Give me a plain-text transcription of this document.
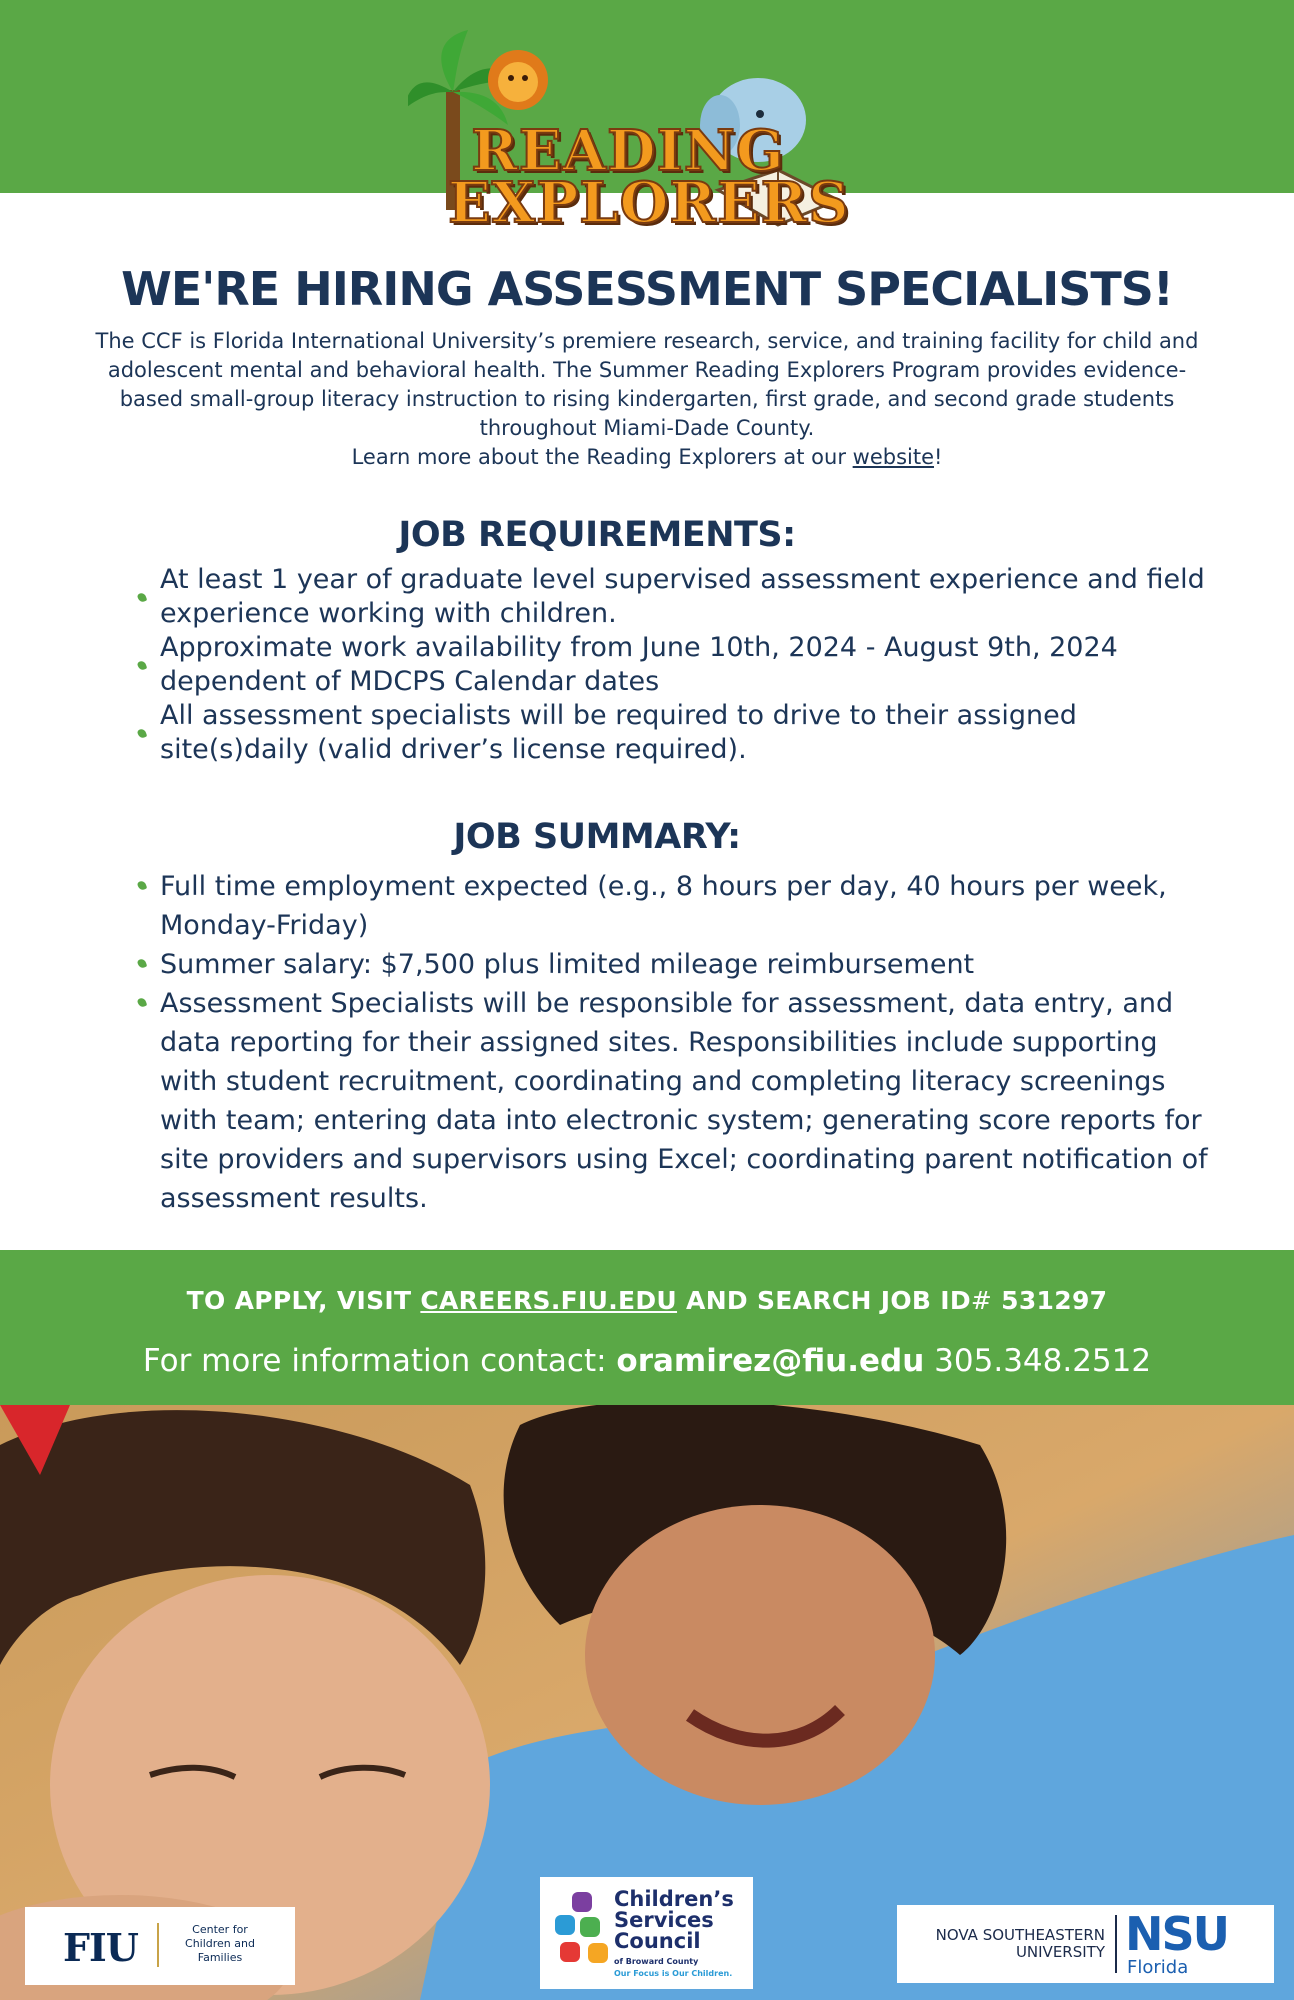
READING
EXPLORERS
WE'RE HIRING ASSESSMENT SPECIALISTS!
The CCF is Florida International University’s premiere research, service, and training facility for child and adolescent mental and behavioral health. The Summer Reading Explorers Program provides evidence-based small-group literacy instruction to rising kindergarten, first grade, and second grade students throughout Miami-Dade County.
Learn more about the Reading Explorers at our website!
JOB REQUIREMENTS:
At least 1 year of graduate level supervised assessment experience and field experience working with children.
Approximate work availability from June 10th, 2024 - August 9th, 2024 dependent of MDCPS Calendar dates
All assessment specialists will be required to drive to their assigned site(s)daily (valid driver’s license required).
JOB SUMMARY:
Full time employment expected (e.g., 8 hours per day, 40 hours per week, Monday-Friday)
Summer salary: $7,500 plus limited mileage reimbursement
Assessment Specialists will be responsible for assessment, data entry, and data reporting for their assigned sites. Responsibilities include supporting with student recruitment, coordinating and completing literacy screenings with team; entering data into electronic system; generating score reports for site providers and supervisors using Excel; coordinating parent notification of assessment results.
TO APPLY, VISIT CAREERS.FIU.EDU AND SEARCH JOB ID# 531297
For more information contact: oramirez@fiu.edu 305.348.2512
FIU	Center for Children and Families
Children’s
Services
Council
of Broward County
Our Focus is Our Children.
NOVA SOUTHEASTERN
UNIVERSITY NSU
Florida
